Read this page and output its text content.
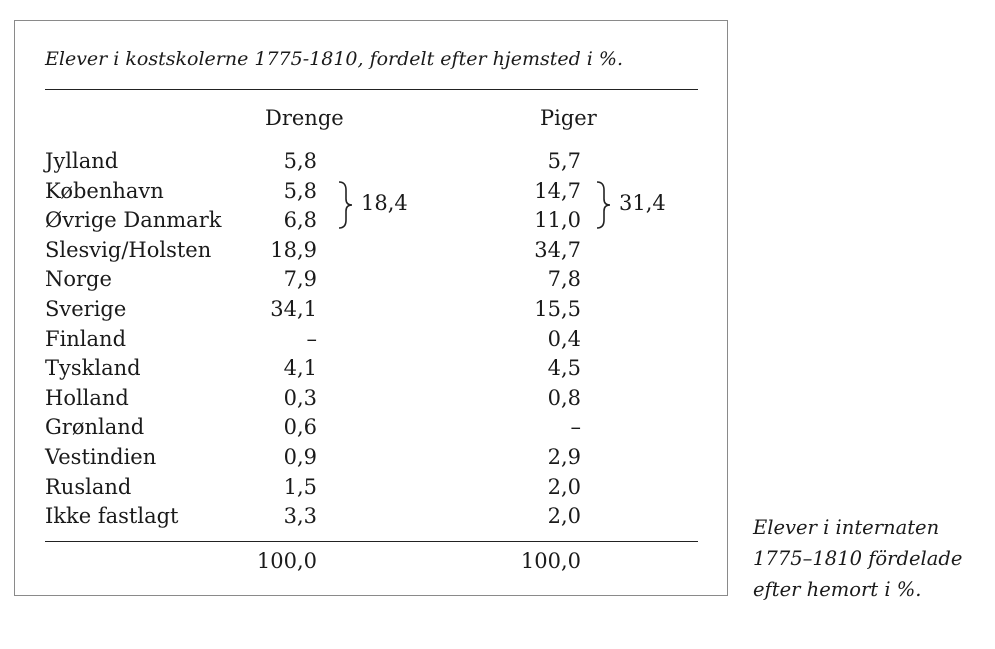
Elever i kostskolerne 1775-1810, fordelt efter hjemsted i %.
Drenge	Piger
Jylland	5,8	5,7
København	5,8	14,7
Øvrige Danmark	6,8	11,0
Slesvig/Holsten	18,9	34,7
Norge	7,9	7,8
Sverige	34,1	15,5
Finland	–	0,4
Tyskland	4,1	4,5
Holland	0,3	0,8
Grønland	0,6	–
Vestindien	0,9	2,9
Rusland	1,5	2,0
Ikke fastlagt	3,3	2,0
18,4	31,4
100,0	100,0
Elever i internaten
1775–1810 fördelade
efter hemort i %.
